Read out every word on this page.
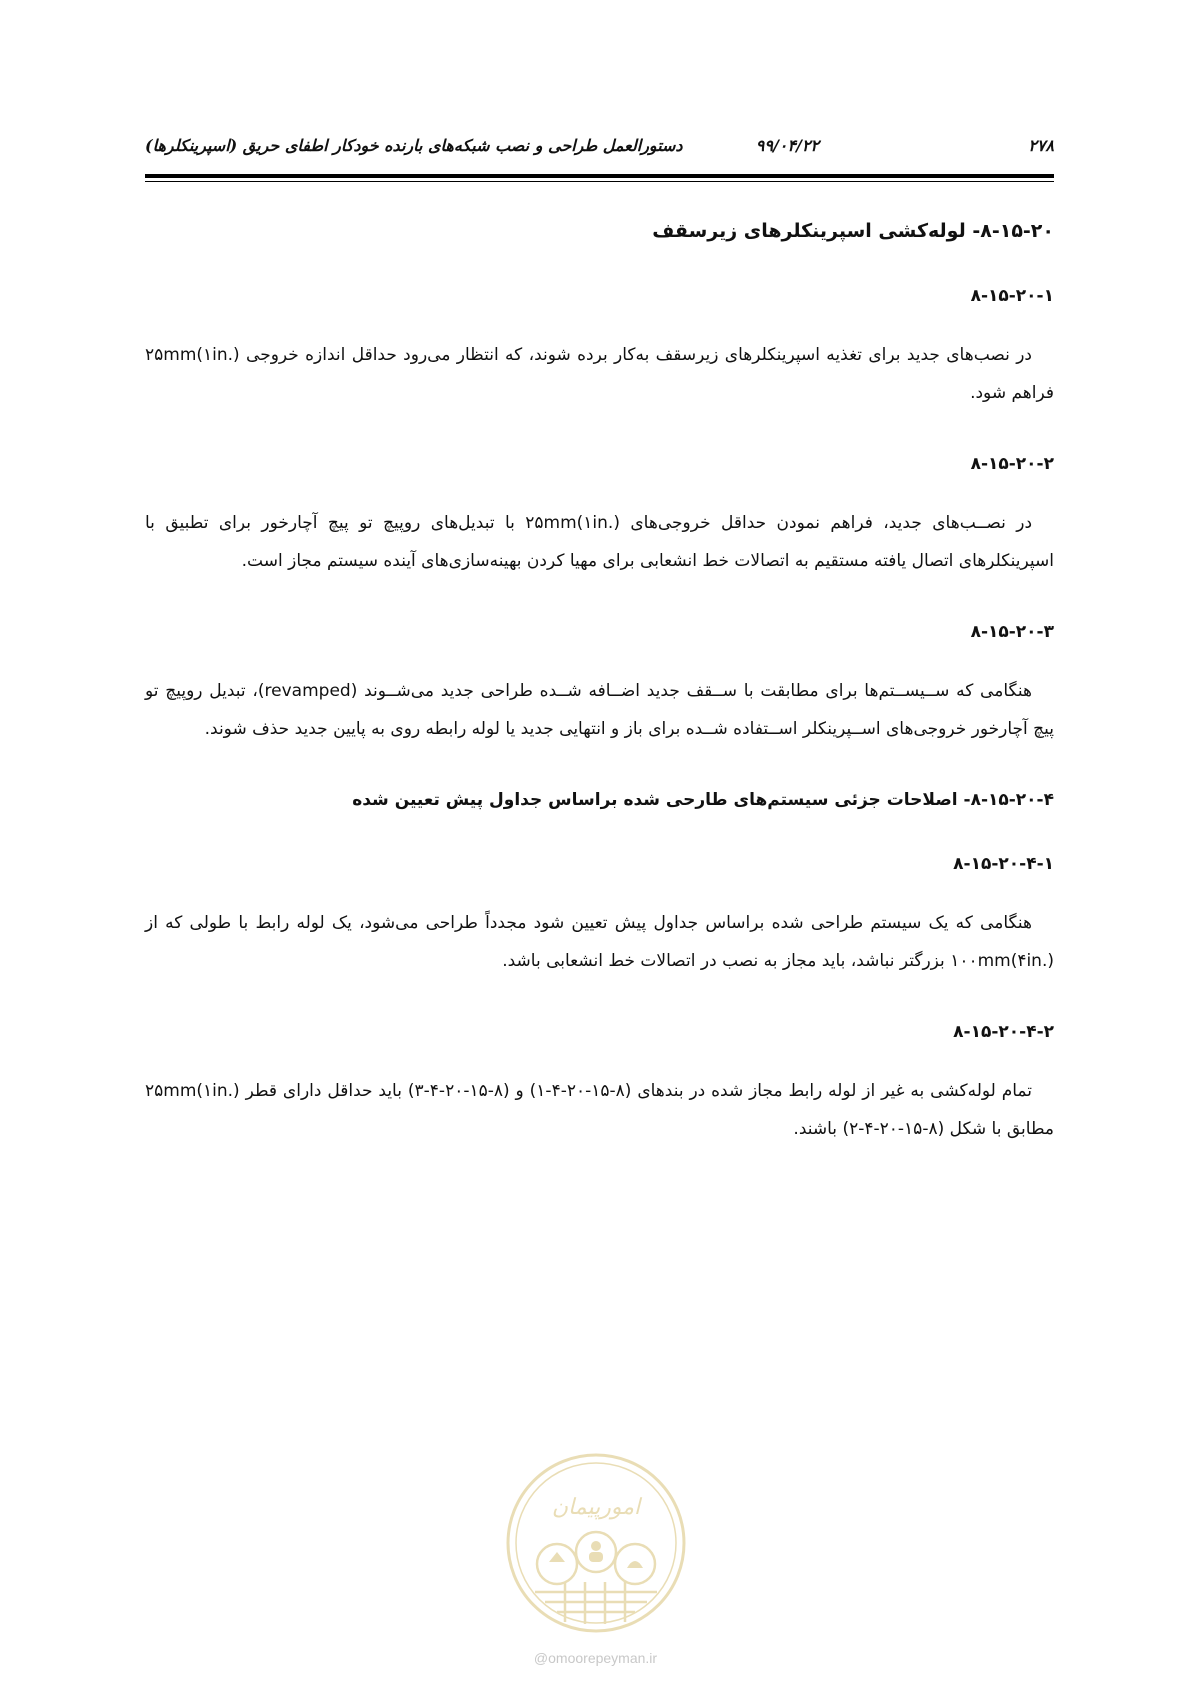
۲۷۸
۹۹/۰۴/۲۲
دستورالعمل طراحی و نصب شبکه‌های بارنده خودکار اطفای حریق (اسپرینکلرها)
۸-۱۵-۲۰- لوله‌کشی اسپرینکلرهای زیرسقف
۸-۱۵-۲۰-۱
در نصب‌های جدید برای تغذیه اسپرینکلرهای زیرسقف به‌کار برده شوند، که انتظار می‌رود حداقل اندازه خروجی ۲۵mm(۱in.) فراهم شود.
۸-۱۵-۲۰-۲
در نصــب‌های جدید، فراهم نمودن حداقل خروجی‌های ۲۵mm(۱in.) با تبدیل‌های روپیچ تو پیچ آچارخور برای تطبیق با اسپرینکلرهای اتصال یافته مستقیم به اتصالات خط انشعابی برای مهیا کردن بهینه‌سازی‌های آینده سیستم مجاز است.
۸-۱۵-۲۰-۳
هنگامی که ســیســتم‌ها برای مطابقت با ســقف جدید اضــافه شــده طراحی جدید می‌شــوند (revamped)، تبدیل روپیچ تو پیچ آچارخور خروجی‌های اســپرینکلر اســتفاده شــده برای باز و انتهایی جدید یا لوله رابطه روی به پایین جدید حذف شوند.
۸-۱۵-۲۰-۴- اصلاحات جزئی سیستم‌های طارحی شده براساس جداول پیش تعیین شده
۸-۱۵-۲۰-۴-۱
هنگامی که یک سیستم طراحی شده براساس جداول پیش تعیین شود مجدداً طراحی می‌شود، یک لوله رابط با طولی که از ۱۰۰mm(۴in.) بزرگتر نباشد، باید مجاز به نصب در اتصالات خط انشعابی باشد.
۸-۱۵-۲۰-۴-۲
تمام لوله‌کشی به غیر از لوله رابط مجاز شده در بندهای (۸-۱۵-۲۰-۴-۱) و (۸-۱۵-۲۰-۴-۳) باید حداقل دارای قطر ۲۵mm(۱in.) مطابق با شکل (۸-۱۵-۲۰-۴-۲) باشند.
امورپیمان
@omoorepeyman.ir
